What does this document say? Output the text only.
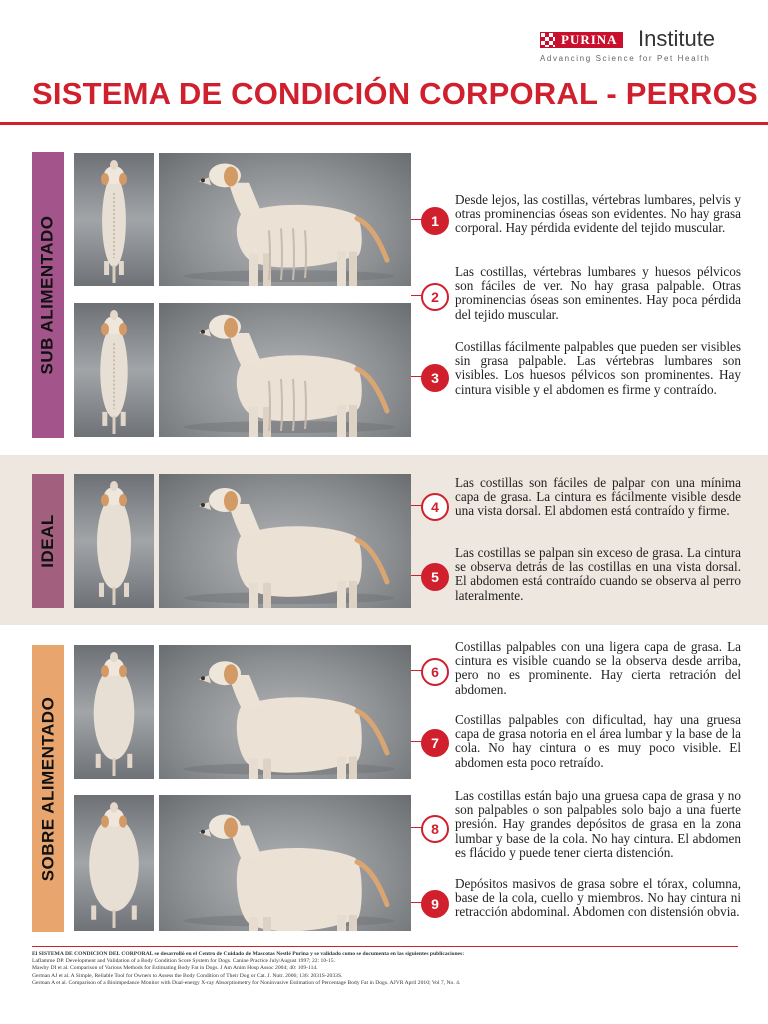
PURINA Institute
Advancing Science for Pet Health
SISTEMA DE CONDICIÓN CORPORAL - PERROS
SUB ALIMENTADO
IDEAL
SOBRE ALIMENTADO
1
Desde lejos, las costillas, vértebras lumbares, pelvis y otras prominencias óseas son evidentes. No hay grasa corporal. Hay pérdida evidente del tejido muscular.
2
Las costillas, vértebras lumbares y huesos pélvicos son fáciles de ver. No hay grasa palpable. Otras prominencias óseas son eminentes. Hay poca pérdida del tejido muscular.
3
Costillas fácilmente palpables que pueden ser visibles sin grasa palpable. Las vértebras lumbares son visibles. Los huesos pélvicos son prominentes. Hay cintura visible y el abdomen es firme y contraído.
4
Las costillas son fáciles de palpar con una mínima capa de grasa. La cintura es fácilmente visible desde una vista dorsal. El abdomen está contraído y firme.
5
Las costillas se palpan sin exceso de grasa. La cintura se observa detrás de las costillas en una vista dorsal. El abdomen está contraído cuando se observa al perro lateralmente.
6
Costillas palpables con una ligera capa de grasa. La cintura es visible cuando se la observa desde arriba, pero no es prominente. Hay cierta retración del abdomen.
7
Costillas palpables con dificultad, hay una gruesa capa de grasa notoria en el área lumbar y la base de la cola. No hay cintura o es muy poco visible. El abdomen esta poco retraído.
8
Las costillas están bajo una gruesa capa de grasa y no son palpables o son palpables solo bajo a una fuerte presión. Hay grandes depósitos de grasa en la zona lumbar y base de la cola. No hay cintura. El abdomen es flácido y puede tener cierta distención.
9
Depósitos masivos de grasa sobre el tórax, columna, base de la cola, cuello y miembros. No hay cintura ni retracción abdominal. Abdomen con distensión obvia.
El SISTEMA DE CONDICIÓN DEL CORPORAL se desarrolló en el Centro de Cuidado de Mascotas Nestlé Purina y se validado como se documenta en las siguientes publicaciones:
Laflamme DP. Development and Validation of a Body Condition Score System for Dogs. Canine Practice July/August 1997; 22: 10-15.
Mawby DI et al. Comparison of Various Methods for Estimating Body Fat in Dogs. J Am Anim Hosp Assoc 2004; 40: 109-114.
German AJ et al. A Simple, Reliable Tool for Owners to Assess the Body Condition of Their Dog or Cat. J. Nutr. 2006; 136: 2031S-2033S.
German A et al. Comparison of a Bioimpedance Monitor with Dual-energy X-ray Absorptiometry for Noninvasive Estimation of Percentage Body Fat in Dogs. AJVR April 2010; Vol 7, No. 4.
